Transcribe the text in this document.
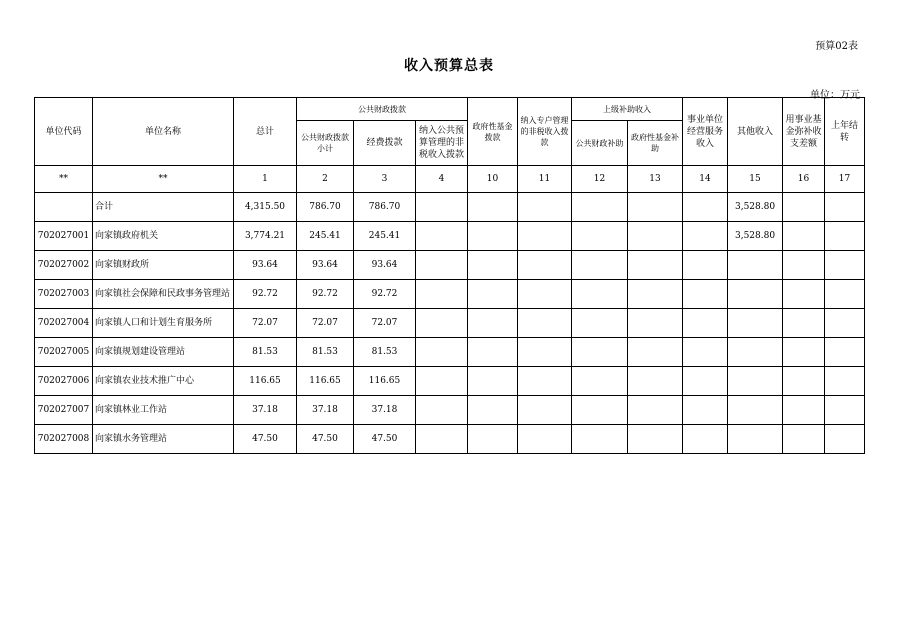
预算02表
收入预算总表
单位：万元
单位代码	单位名称	总计	公共财政拨款			政府性基金拨款	纳入专户管理的非税收入拨款	上级补助收入		事业单位经营服务收入	其他收入	用事业基金弥补收支差额	上年结转
			公共财政拨款小计	经费拨款	纳入公共预算管理的非税收入拨款								
								公共财政补助	政府性基金补助				
**	**	1	2	3	4	10	11	12	13	14	15	16	17
	合计	4,315.50	786.70	786.70							3,528.80		
702027001	向家镇政府机关	3,774.21	245.41	245.41							3,528.80		
702027002	向家镇财政所	93.64	93.64	93.64									
702027003	向家镇社会保障和民政事务管理站	92.72	92.72	92.72									
702027004	向家镇人口和计划生育服务所	72.07	72.07	72.07									
702027005	向家镇规划建设管理站	81.53	81.53	81.53									
702027006	向家镇农业技术推广中心	116.65	116.65	116.65									
702027007	向家镇林业工作站	37.18	37.18	37.18									
702027008	向家镇水务管理站	47.50	47.50	47.50									
